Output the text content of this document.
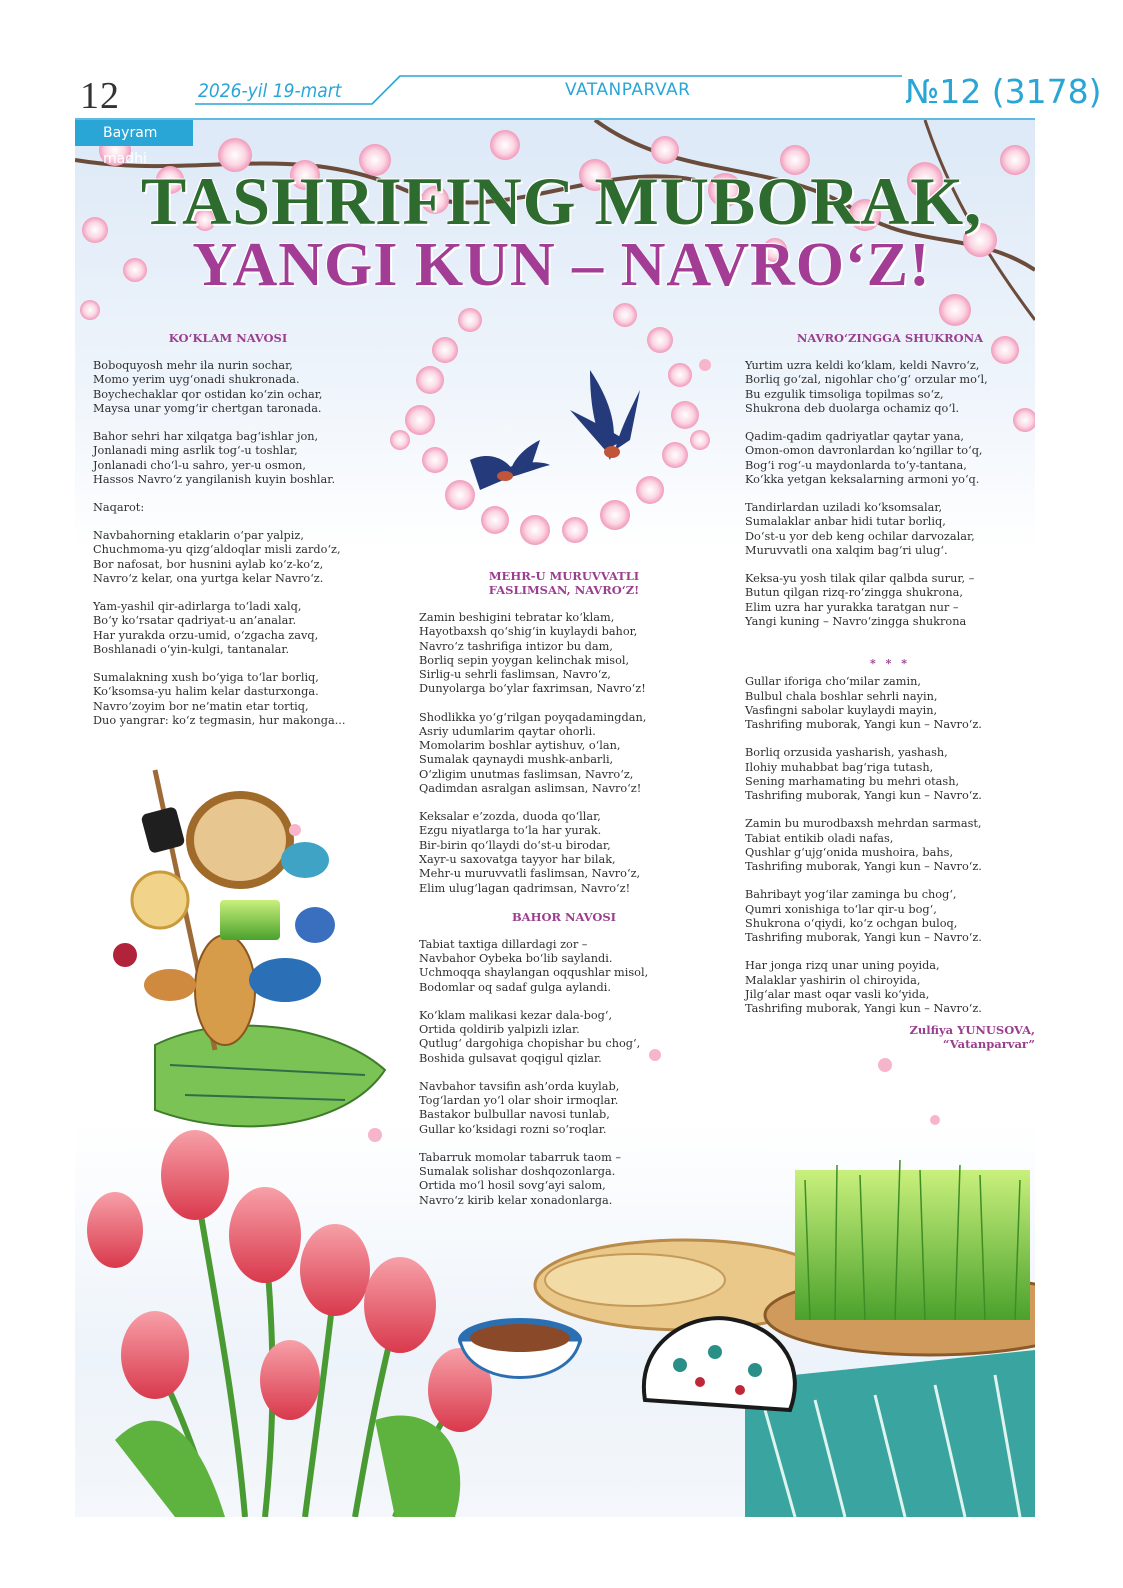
12	2026-yil 19-mart	VATANPARVAR	№12 (3178)
Bayram madhi
TASHRIFING MUBORAK,
YANGI KUN – NAVRO‘Z!
KO‘KLAM NAVOSI

Boboquyosh mehr ila nurin sochar,
Momo yerim uyg‘onadi shukronada.
Boychechaklar qor ostidan ko‘zin ochar,
Maysa unar yomg‘ir chertgan taronada.

Bahor sehri har xilqatga bag‘ishlar jon,
Jonlanadi ming asrlik tog‘-u toshlar,
Jonlanadi cho‘l-u sahro, yer-u osmon,
Hassos Navro‘z yangilanish kuyin boshlar.

Naqarot:

Navbahorning etaklarin o‘par yalpiz,
Chuchmoma-yu qizg‘aldoqlar misli zardo‘z,
Bor nafosat, bor husnini aylab ko‘z-ko‘z,
Navro‘z kelar, ona yurtga kelar Navro‘z.

Yam-yashil qir-adirlarga to‘ladi xalq,
Bo‘y ko‘rsatar qadriyat-u an’analar.
Har yurakda orzu-umid, o‘zgacha zavq,
Boshlanadi o‘yin-kulgi, tantanalar.

Sumalakning xush bo‘yiga to‘lar borliq,
Ko‘ksomsa-yu halim kelar dasturxonga.
Navro‘zoyim bor ne’matin etar tortiq,
Duo yangrar: ko‘z tegmasin, hur makonga...

MEHR-U MURUVVATLI
FASLIMSAN, NAVRO‘Z!

Zamin beshigini tebratar ko‘klam,
Hayotbaxsh qo‘shig‘in kuylaydi bahor,
Navro‘z tashrifiga intizor bu dam,
Borliq sepin yoygan kelinchak misol,
Sirlig-u sehrli faslimsan, Navro‘z,
Dunyolarga bo‘ylar faxrimsan, Navro‘z!

Shodlikka yo‘g‘rilgan poyqadamingdan,
Asriy udumlarim qaytar ohorli.
Momolarim boshlar aytishuv, o‘lan,
Sumalak qaynaydi mushk-anbarli,
O‘zligim unutmas faslimsan, Navro‘z,
Qadimdan asralgan aslimsan, Navro‘z!

Keksalar e’zozda, duoda qo‘llar,
Ezgu niyatlarga to‘la har yurak.
Bir-birin qo‘llaydi do‘st-u birodar,
Xayr-u saxovatga tayyor har bilak,
Mehr-u muruvvatli faslimsan, Navro‘z,
Elim ulug‘lagan qadrimsan, Navro‘z!

BAHOR NAVOSI

Tabiat taxtiga dillardagi zor –
Navbahor Oybeka bo‘lib saylandi.
Uchmoqqa shaylangan oqqushlar misol,
Bodomlar oq sadaf gulga aylandi.

Ko‘klam malikasi kezar dala-bog‘,
Ortida qoldirib yalpizli izlar.
Qutlug‘ dargohiga chopishar bu chog‘,
Boshida gulsavat qoqigul qizlar.

Navbahor tavsifin ash’orda kuylab,
Tog‘lardan yo‘l olar shoir irmoqlar.
Bastakor bulbullar navosi tunlab,
Gullar ko‘ksidagi rozni so‘roqlar.

Tabarruk momolar tabarruk taom –
Sumalak solishar doshqozonlarga.
Ortida mo‘l hosil sovg‘ayi salom,
Navro‘z kirib kelar xonadonlarga.

NAVRO‘ZINGGA SHUKRONA

Yurtim uzra keldi ko‘klam, keldi Navro‘z,
Borliq go‘zal, nigohlar cho‘g‘ orzular mo‘l,
Bu ezgulik timsoliga topilmas so‘z,
Shukrona deb duolarga ochamiz qo‘l.

Qadim-qadim qadriyatlar qaytar yana,
Omon-omon davronlardan ko‘ngillar to‘q,
Bog‘i rog‘-u maydonlarda to‘y-tantana,
Ko‘kka yetgan keksalarning armoni yo‘q.

Tandirlardan uziladi ko‘ksomsalar,
Sumalaklar anbar hidi tutar borliq,
Do‘st-u yor deb keng ochilar darvozalar,
Muruvvatli ona xalqim bag‘ri ulug‘.

Keksa-yu yosh tilak qilar qalbda surur, –
Butun qilgan rizq-ro‘zingga shukrona,
Elim uzra har yurakka taratgan nur –
Yangi kuning – Navro‘zingga shukrona

* * *

Gullar iforiga cho‘milar zamin,
Bulbul chala boshlar sehrli nayin,
Vasfingni sabolar kuylaydi mayin,
Tashrifing muborak, Yangi kun – Navro‘z.

Borliq orzusida yasharish, yashash,
Ilohiy muhabbat bag‘riga tutash,
Sening marhamating bu mehri otash,
Tashrifing muborak, Yangi kun – Navro‘z.

Zamin bu murodbaxsh mehrdan sarmast,
Tabiat entikib oladi nafas,
Qushlar g‘ujg‘onida mushoira, bahs,
Tashrifing muborak, Yangi kun – Navro‘z.

Bahribayt yog‘ilar zaminga bu chog‘,
Qumri xonishiga to‘lar qir-u bog‘,
Shukrona o‘qiydi, ko‘z ochgan buloq,
Tashrifing muborak, Yangi kun – Navro‘z.

Har jonga rizq unar uning poyida,
Malaklar yashirin ol chiroyida,
Jilg‘alar mast oqar vasli ko‘yida,
Tashrifing muborak, Yangi kun – Navro‘z.

Zulfiya YUNUSOVA,
“Vatanparvar”
